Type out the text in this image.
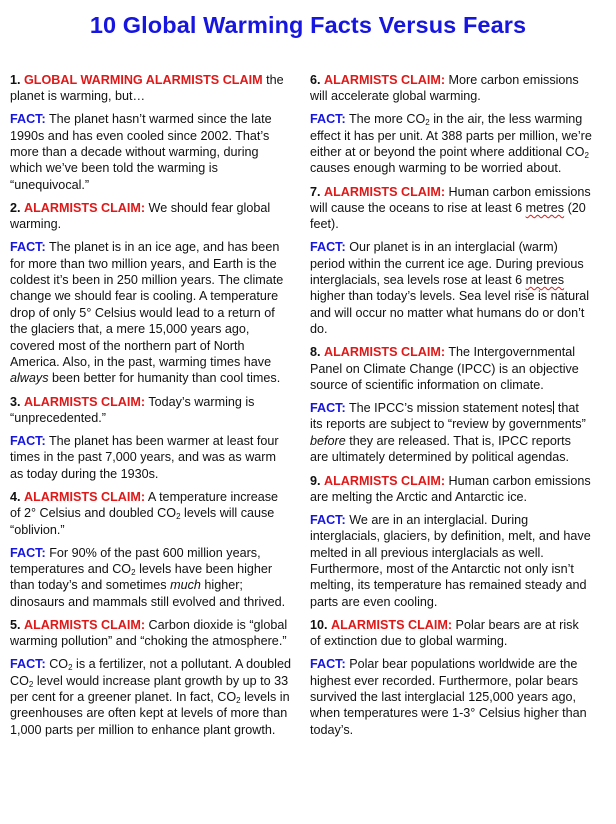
10 Global Warming Facts Versus Fears
1. GLOBAL WARMING ALARMISTS CLAIM the planet is warming, but…
FACT: The planet hasn’t warmed since the late 1990s and has even cooled since 2002. That’s more than a decade without warming, during which we’ve been told the warming is “unequivocal.”
2. ALARMISTS CLAIM: We should fear global warming.
FACT: The planet is in an ice age, and has been for more than two million years, and Earth is the coldest it’s been in 250 million years. The climate change we should fear is cooling. A temperature drop of only 5° Celsius would lead to a return of the glaciers that, a mere 15,000 years ago, covered most of the northern part of North America. Also, in the past, warming times have always been better for humanity than cool times.
3. ALARMISTS CLAIM: Today’s warming is “unprecedented.”
FACT: The planet has been warmer at least four times in the past 7,000 years, and was as warm as today during the 1930s.
4. ALARMISTS CLAIM: A temperature increase of 2° Celsius and doubled $CO_2$ levels will cause “oblivion.”
FACT: For 90% of the past 600 million years, temperatures and $CO_2$ levels have been higher than today’s and sometimes much higher; dinosaurs and mammals still evolved and thrived.
5. ALARMISTS CLAIM: Carbon dioxide is “global warming pollution” and “choking the atmosphere.”
FACT: $CO_2$ is a fertilizer, not a pollutant. A doubled $CO_2$ level would increase plant growth by up to 33 per cent for a greener planet. In fact, $CO_2$ levels in greenhouses are often kept at levels of more than 1,000 parts per million to enhance plant growth.
6. ALARMISTS CLAIM: More carbon emissions will accelerate global warming.
FACT: The more $CO_2$ in the air, the less warming effect it has per unit. At 388 parts per million, we’re either at or beyond the point where additional $CO_2$ causes enough warming to be worried about.
7. ALARMISTS CLAIM: Human carbon emissions will cause the oceans to rise at least 6 metres (20 feet).
FACT: Our planet is in an interglacial (warm) period within the current ice age. During previous interglacials, sea levels rose at least 6 metres higher than today’s levels. Sea level rise is natural and will occur no matter what humans do or don’t do.
8. ALARMISTS CLAIM: The Intergovernmental Panel on Climate Change (IPCC) is an objective source of scientific information on climate.
FACT: The IPCC’s mission statement notes that its reports are subject to “review by governments” before they are released. That is, IPCC reports are ultimately determined by political agendas.
9. ALARMISTS CLAIM: Human carbon emissions are melting the Arctic and Antarctic ice.
FACT: We are in an interglacial. During interglacials, glaciers, by definition, melt, and have melted in all previous interglacials as well. Furthermore, most of the Antarctic not only isn’t melting, its temperature has remained steady and parts are even cooling.
10. ALARMISTS CLAIM: Polar bears are at risk of extinction due to global warming.
FACT: Polar bear populations worldwide are the highest ever recorded. Furthermore, polar bears survived the last interglacial 125,000 years ago, when temperatures were 1-3° Celsius higher than today’s.
